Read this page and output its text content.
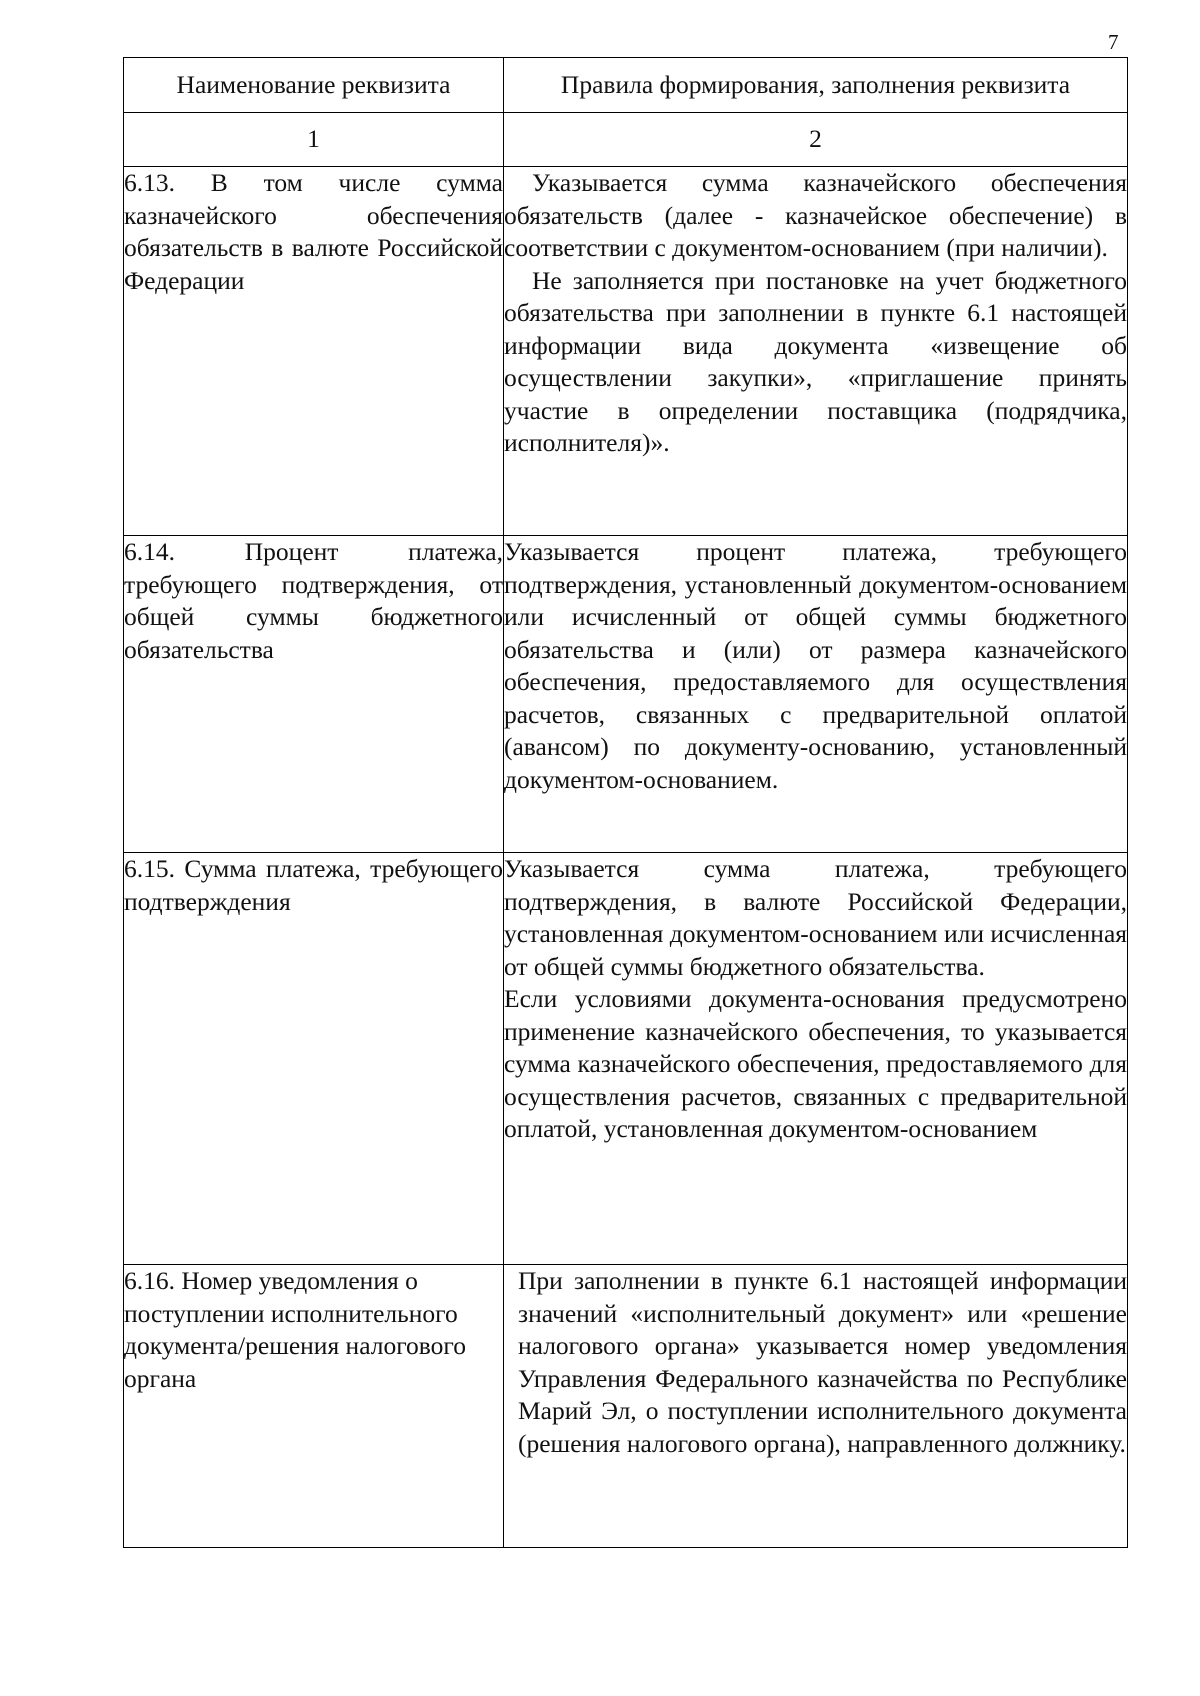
7
Наименование реквизита	Правила формирования, заполнения реквизита
1	2
6.13. В том числе сумма казначейского обеспечения обязательств в валюте Российской Федерации	Указывается сумма казначейского обеспечения обязательств (далее - казначейское обеспечение) в соответствии с документом-основанием (при наличии).

Не заполняется при постановке на учет бюджетного обязательства при заполнении в пункте 6.1 настоящей информации вида документа «извещение об осуществлении закупки», «приглашение принять участие в определении поставщика (подрядчика, исполнителя)».

6.14. Процент платежа, требующего подтверждения, от общей суммы бюджетного обязательства	Указывается процент платежа, требующего подтверждения, установленный документом-основанием или исчисленный от общей суммы бюджетного обязательства и (или) от размера казначейского обеспечения, предоставляемого для осуществления расчетов, связанных с предварительной оплатой (авансом) по документу-основанию, установленный документом-основанием.

6.15. Сумма платежа, требующего подтверждения	Указывается сумма платежа, требующего подтверждения, в валюте Российской Федерации, установленная документом-основанием или исчисленная от общей суммы бюджетного обязательства.

Если условиями документа-основания предусмотрено применение казначейского обеспечения, то указывается сумма казначейского обеспечения, предоставляемого для осуществления расчетов, связанных с предварительной оплатой, установленная документом-основанием

6.16. Номер уведомления о поступлении исполнительного документа/решения налогового органа	При заполнении в пункте 6.1 настоящей информации значений «исполнительный документ» или «решение налогового органа» указывается номер уведомления Управления Федерального казначейства по Республике Марий Эл, о поступлении исполнительного документа (решения налогового органа), направленного должнику.
